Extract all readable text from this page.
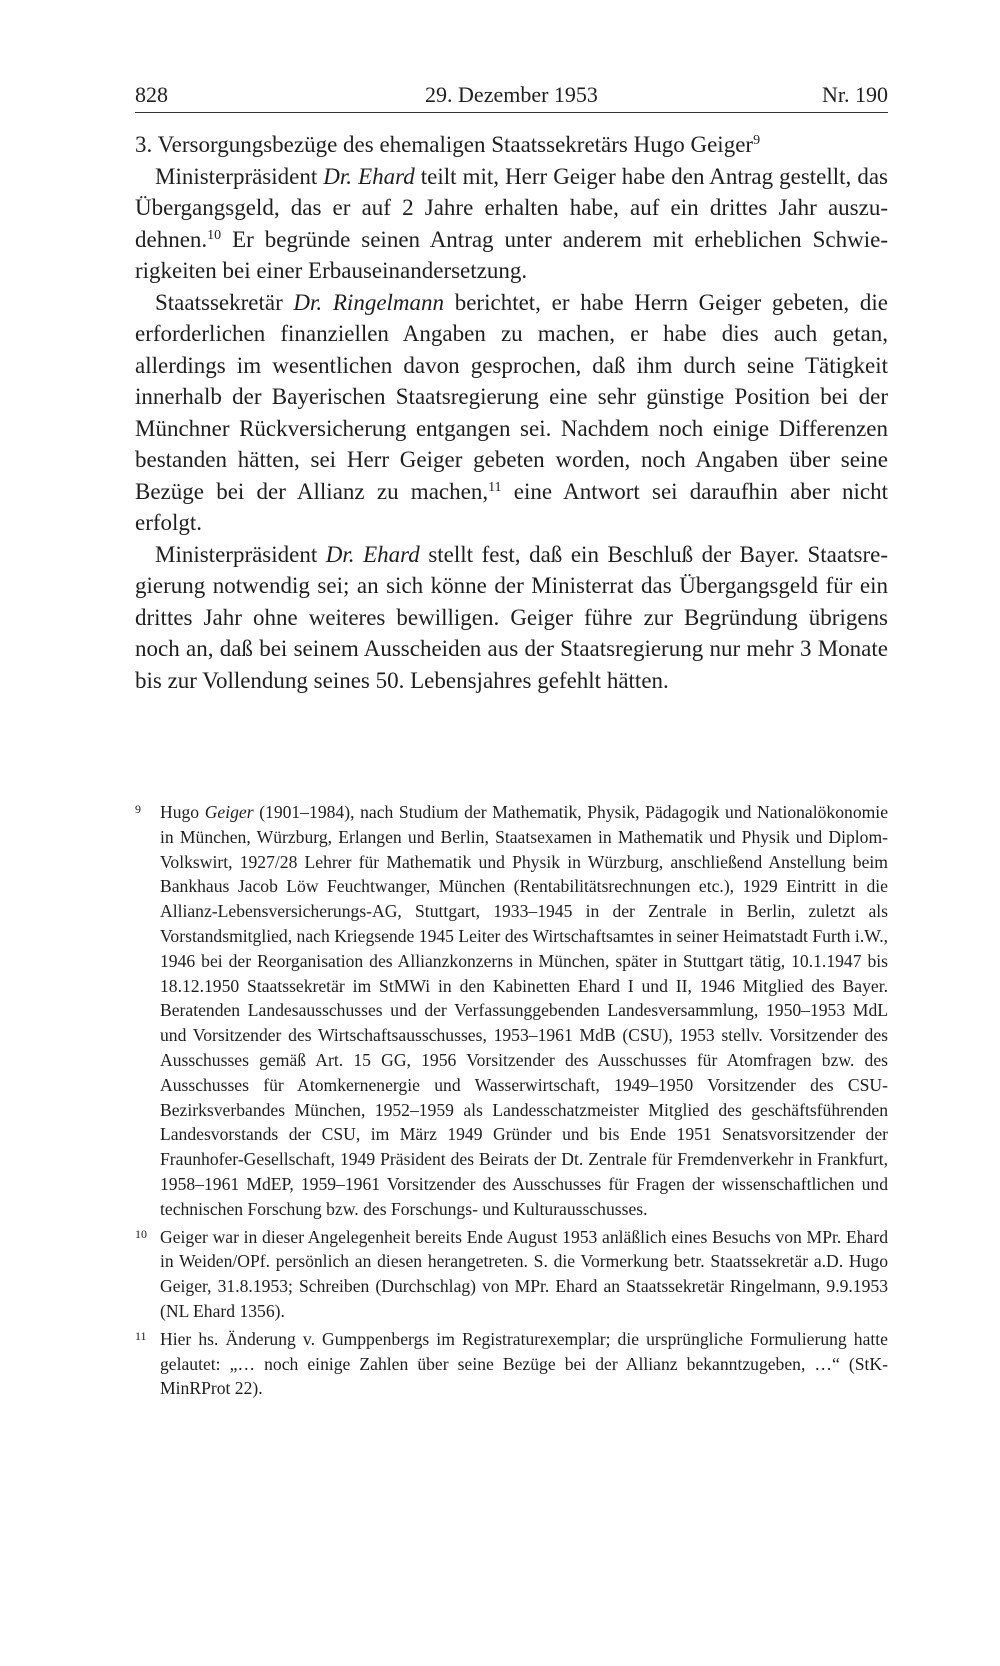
828	29. Dezember 1953	Nr. 190

3. Versorgungsbezüge des ehemaligen Staatssekretärs Hugo Geiger$^9$

Ministerpräsident Dr. Ehard teilt mit, Herr Geiger habe den Antrag gestellt, das Übergangsgeld, das er auf 2 Jahre erhalten habe, auf ein drittes Jahr auszudehnen.$^{10}$ Er begründe seinen Antrag unter anderem mit erheblichen Schwierigkeiten bei einer Erbauseinandersetzung.

Staatssekretär Dr. Ringelmann berichtet, er habe Herrn Geiger gebeten, die erforderlichen finanziellen Angaben zu machen, er habe dies auch getan, allerdings im wesentlichen davon gesprochen, daß ihm durch seine Tätigkeit innerhalb der Bayerischen Staatsregierung eine sehr günstige Position bei der Münchner Rückversicherung entgangen sei. Nachdem noch einige Differenzen bestanden hätten, sei Herr Geiger gebeten worden, noch Angaben über seine Bezüge bei der Allianz zu machen,$^{11}$ eine Antwort sei daraufhin aber nicht erfolgt.

Ministerpräsident Dr. Ehard stellt fest, daß ein Beschluß der Bayer. Staatsregierung notwendig sei; an sich könne der Ministerrat das Übergangsgeld für ein drittes Jahr ohne weiteres bewilligen. Geiger führe zur Begründung übrigens noch an, daß bei seinem Ausscheiden aus der Staatsregierung nur mehr 3 Monate bis zur Vollendung seines 50. Lebensjahres gefehlt hätten.

9 Hugo Geiger (1901–1984), nach Studium der Mathematik, Physik, Pädagogik und Nationalökonomie in München, Würzburg, Erlangen und Berlin, Staatsexamen in Mathematik und Physik und Diplom-Volkswirt, 1927/28 Lehrer für Mathematik und Physik in Würzburg, anschließend Anstellung beim Bankhaus Jacob Löw Feuchtwanger, München (Rentabilitätsrechnungen etc.), 1929 Eintritt in die Allianz-Lebensversicherungs-AG, Stuttgart, 1933–1945 in der Zentrale in Berlin, zuletzt als Vorstandsmitglied, nach Kriegsende 1945 Leiter des Wirtschaftsamtes in seiner Heimatstadt Furth i.W., 1946 bei der Reorganisation des Allianzkonzerns in München, später in Stuttgart tätig, 10.1.1947 bis 18.12.1950 Staatssekretär im StMWi in den Kabinetten Ehard I und II, 1946 Mitglied des Bayer. Beratenden Landesausschusses und der Verfassunggebenden Landesversammlung, 1950–1953 MdL und Vorsitzender des Wirtschaftsausschusses, 1953–1961 MdB (CSU), 1953 stellv. Vorsitzender des Ausschusses gemäß Art. 15 GG, 1956 Vorsitzender des Ausschusses für Atomfragen bzw. des Ausschusses für Atomkernenergie und Wasserwirtschaft, 1949–1950 Vorsitzender des CSU-Bezirksverbandes München, 1952–1959 als Landesschatzmeister Mitglied des geschäftsführenden Landesvorstands der CSU, im März 1949 Gründer und bis Ende 1951 Senatsvorsitzender der Fraunhofer-Gesellschaft, 1949 Präsident des Beirats der Dt. Zentrale für Fremdenverkehr in Frankfurt, 1958–1961 MdEP, 1959–1961 Vorsitzender des Ausschusses für Fragen der wissenschaftlichen und technischen Forschung bzw. des Forschungs- und Kulturausschusses.
10 Geiger war in dieser Angelegenheit bereits Ende August 1953 anläßlich eines Besuchs von MPr. Ehard in Weiden/OPf. persönlich an diesen herangetreten. S. die Vormerkung betr. Staatssekretär a.D. Hugo Geiger, 31.8.1953; Schreiben (Durchschlag) von MPr. Ehard an Staatssekretär Ringelmann, 9.9.1953 (NL Ehard 1356).
11 Hier hs. Änderung v. Gumppenbergs im Registraturexemplar; die ursprüngliche Formulierung hatte gelautet: „… noch einige Zahlen über seine Bezüge bei der Allianz bekanntzugeben, …“ (StK-MinRProt 22).
